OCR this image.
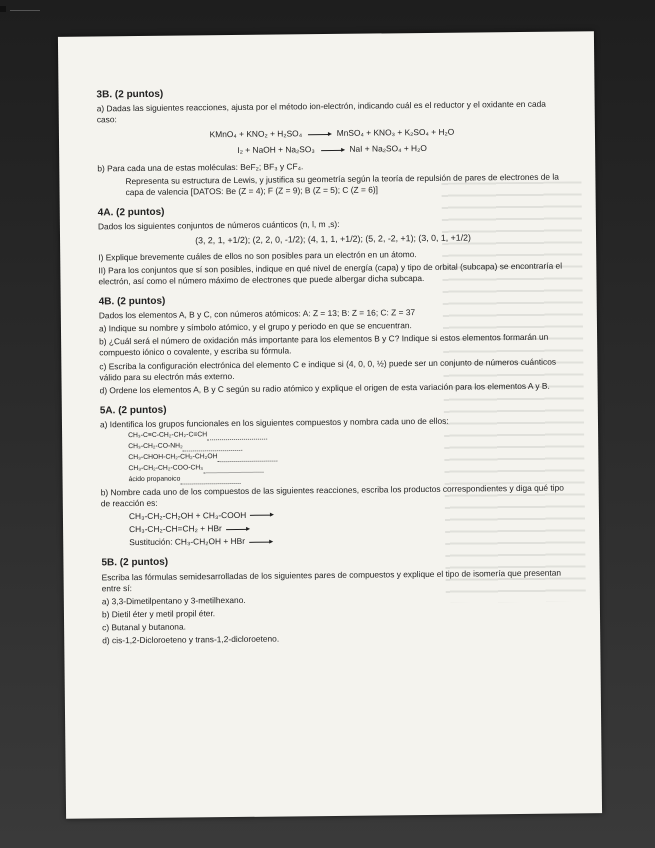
3B. (2 puntos)
a) Dadas las siguientes reacciones, ajusta por el método ion-electrón, indicando cuál es el reductor y el oxidante en cada caso:
KMnO₄ + KNO₂ + H₂SO₄	MnSO₄ + KNO₃ + K₂SO₄ + H₂O
I₂ + NaOH + Na₂SO₃	NaI + Na₂SO₄ + H₂O
b) Para cada una de estas moléculas: BeF₂; BF₃ y CF₄.
Representa su estructura de Lewis, y justifica su geometría según la teoría de repulsión de pares de electrones de la capa de valencia [DATOS: Be (Z = 4); F (Z = 9); B (Z = 5); C (Z = 6)]
4A. (2 puntos)
Dados los siguientes conjuntos de números cuánticos (n, l, m ,s):
(3, 2, 1, +1/2); (2, 2, 0, -1/2); (4, 1, 1, +1/2); (5, 2, -2, +1); (3, 0, 1, +1/2)
I) Explique brevemente cuáles de ellos no son posibles para un electrón en un átomo.
II) Para los conjuntos que sí son posibles, indique en qué nivel de energía (capa) y tipo de orbital (subcapa) se encontraría el electrón, así como el número máximo de electrones que puede albergar dicha subcapa.
4B. (2 puntos)
Dados los elementos A, B y C, con números atómicos: A: Z = 13; B: Z = 16; C: Z = 37
a) Indique su nombre y símbolo atómico, y el grupo y periodo en que se encuentran.
b) ¿Cuál será el número de oxidación más importante para los elementos B y C? Indique si estos elementos formarán un compuesto iónico o covalente, y escriba su fórmula.
c) Escriba la configuración electrónica del elemento C e indique si (4, 0, 0, ½) puede ser un conjunto de números cuánticos válido para su electrón más externo.
d) Ordene los elementos A, B y C según su radio atómico y explique el origen de esta variación para los elementos A y B.
5A. (2 puntos)
a) Identifica los grupos funcionales en los siguientes compuestos y nombra cada uno de ellos:
CH₃-C≡C-CH₂-CH₂-C≡CH
CH₃-CH₂-CO-NH₂
CH₃-CHOH-CH₂-CH₂-CH₂OH
CH₃-CH₂-CH₂-COO-CH₃
ácido propanoico
b) Nombre cada uno de los compuestos de las siguientes reacciones, escriba los productos correspondientes y diga qué tipo de reacción es:
CH₃-CH₂-CH₂OH + CH₃-COOH
CH₃-CH₂-CH=CH₂ + HBr
Sustitución: CH₃-CH₂OH + HBr
5B. (2 puntos)
Escriba las fórmulas semidesarrolladas de los siguientes pares de compuestos y explique el tipo de isomería que presentan entre sí:
a) 3,3-Dimetilpentano y 3-metilhexano.
b) Dietil éter y metil propil éter.
c) Butanal y butanona.
d) cis-1,2-Dicloroeteno y trans-1,2-dicloroeteno.
